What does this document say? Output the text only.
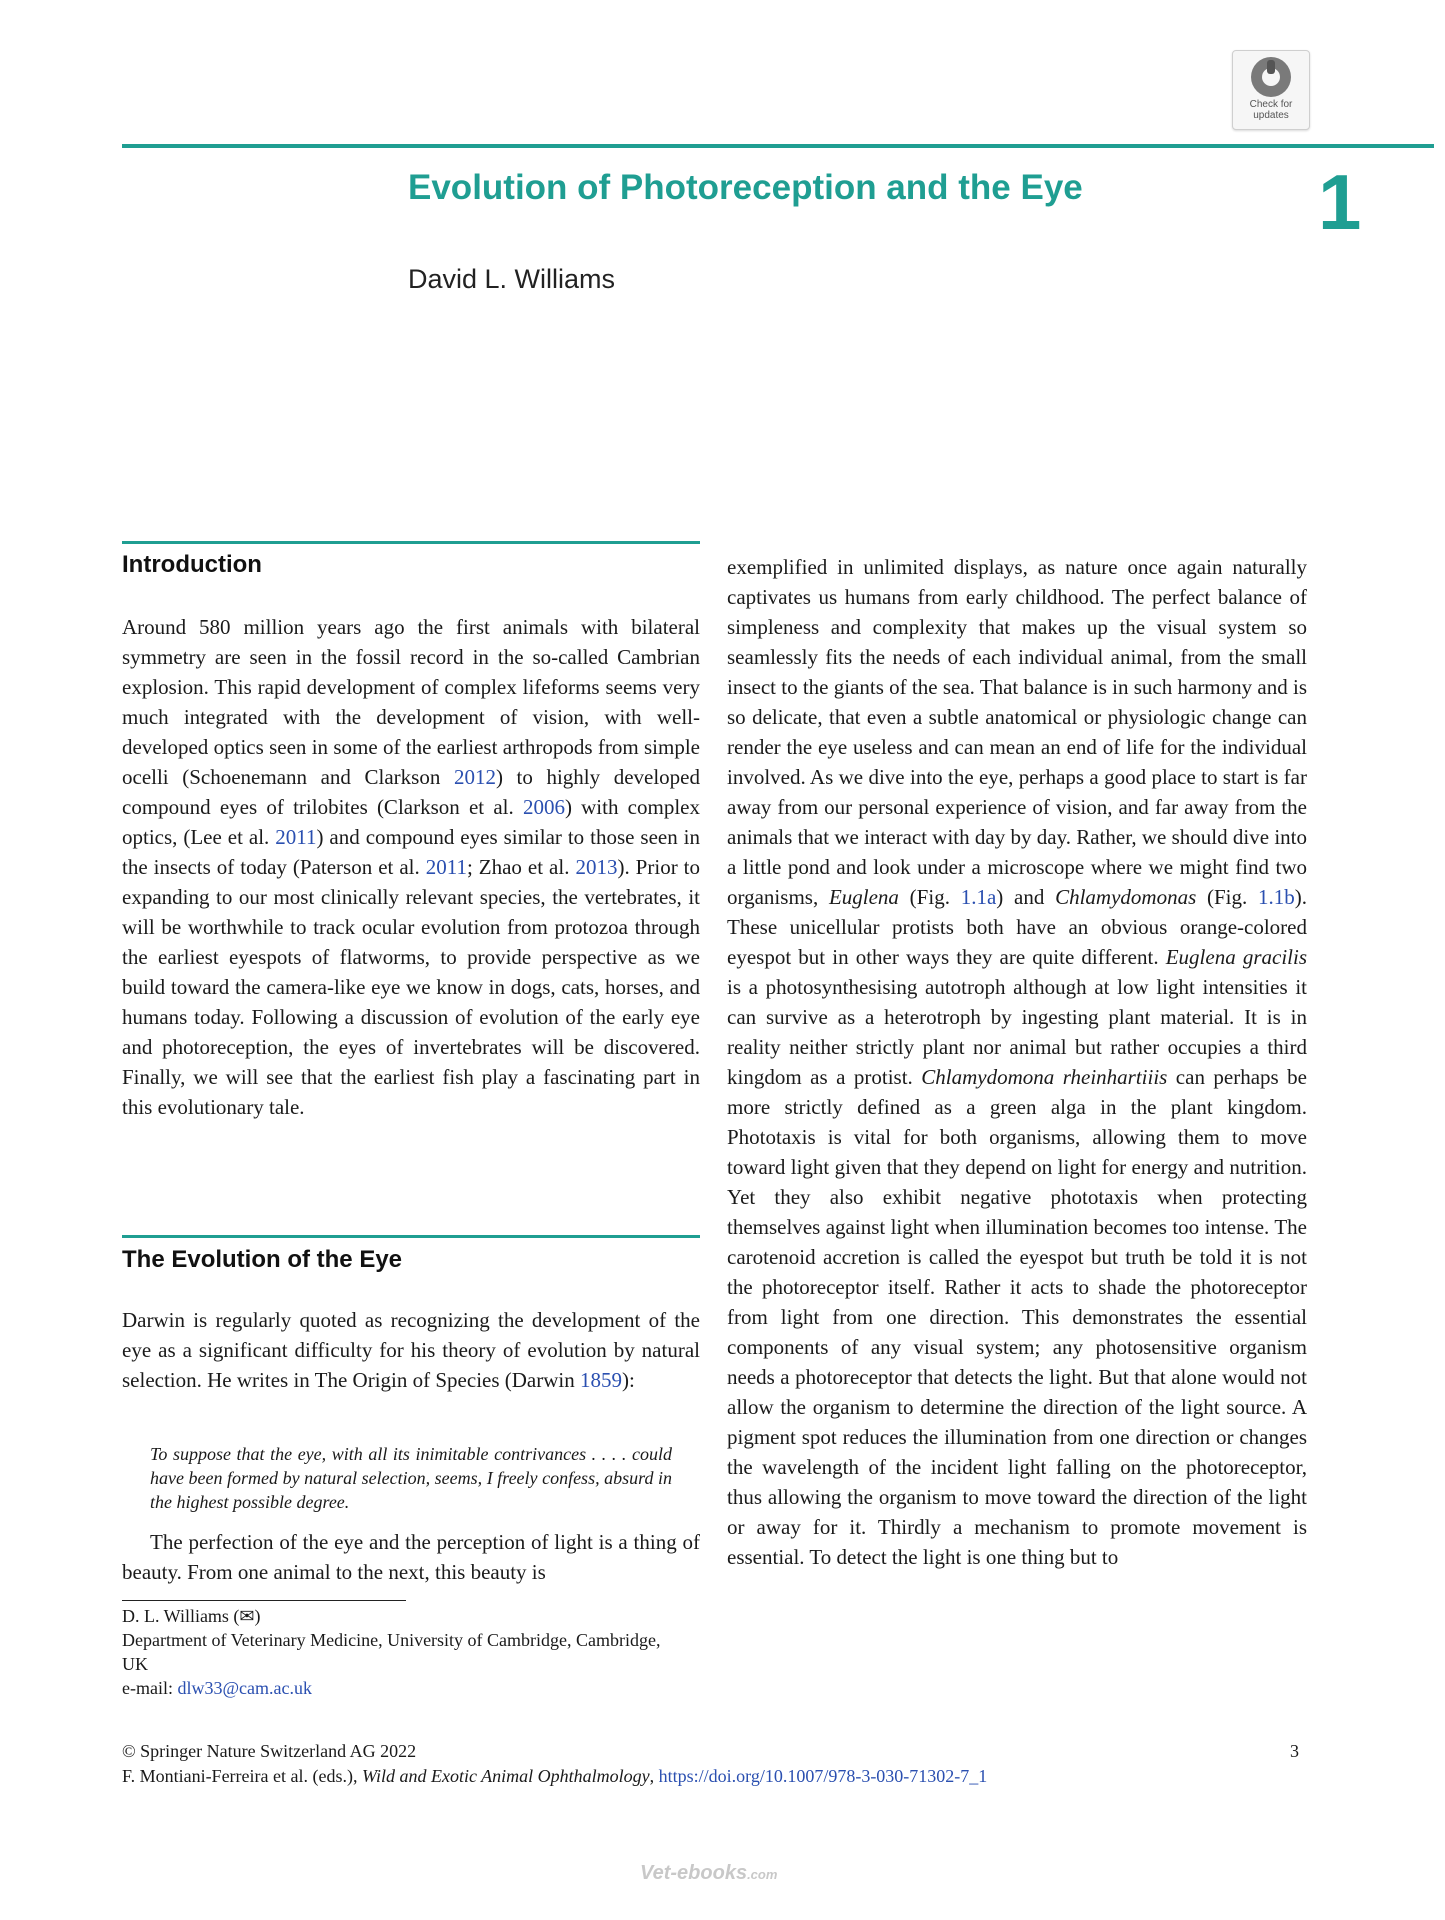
Check for updates
Evolution of Photoreception and the Eye	1
David L. Williams
Introduction
Around 580 million years ago the first animals with bilateral symmetry are seen in the fossil record in the so-called Cambrian explosion. This rapid development of complex lifeforms seems very much integrated with the development of vision, with well-developed optics seen in some of the earliest arthropods from simple ocelli (Schoenemann and Clarkson 2012) to highly developed compound eyes of trilobites (Clarkson et al. 2006) with complex optics, (Lee et al. 2011) and compound eyes similar to those seen in the insects of today (Paterson et al. 2011; Zhao et al. 2013). Prior to expanding to our most clinically relevant species, the vertebrates, it will be worthwhile to track ocular evolution from protozoa through the earliest eyespots of flatworms, to provide perspective as we build toward the camera-like eye we know in dogs, cats, horses, and humans today. Following a discussion of evolution of the early eye and photoreception, the eyes of invertebrates will be discovered. Finally, we will see that the earliest fish play a fascinating part in this evolutionary tale.
The Evolution of the Eye
Darwin is regularly quoted as recognizing the development of the eye as a significant difficulty for his theory of evolution by natural selection. He writes in The Origin of Species (Darwin 1859):
To suppose that the eye, with all its inimitable contrivances . . . . could have been formed by natural selection, seems, I freely confess, absurd in the highest possible degree.
The perfection of the eye and the perception of light is a thing of beauty. From one animal to the next, this beauty is
D. L. Williams (✉)
Department of Veterinary Medicine, University of Cambridge, Cambridge, UK
e-mail: dlw33@cam.ac.uk
exemplified in unlimited displays, as nature once again naturally captivates us humans from early childhood. The perfect balance of simpleness and complexity that makes up the visual system so seamlessly fits the needs of each individual animal, from the small insect to the giants of the sea. That balance is in such harmony and is so delicate, that even a subtle anatomical or physiologic change can render the eye useless and can mean an end of life for the individual involved. As we dive into the eye, perhaps a good place to start is far away from our personal experience of vision, and far away from the animals that we interact with day by day. Rather, we should dive into a little pond and look under a microscope where we might find two organisms, Euglena (Fig. 1.1a) and Chlamydomonas (Fig. 1.1b). These unicellular protists both have an obvious orange-colored eyespot but in other ways they are quite different. Euglena gracilis is a photosynthesising autotroph although at low light intensities it can survive as a heterotroph by ingesting plant material. It is in reality neither strictly plant nor animal but rather occupies a third kingdom as a protist. Chlamydomona rheinhartiiis can perhaps be more strictly defined as a green alga in the plant kingdom. Phototaxis is vital for both organisms, allowing them to move toward light given that they depend on light for energy and nutrition. Yet they also exhibit negative phototaxis when protecting themselves against light when illumination becomes too intense. The carotenoid accretion is called the eyespot but truth be told it is not the photoreceptor itself. Rather it acts to shade the photoreceptor from light from one direction. This demonstrates the essential components of any visual system; any photosensitive organism needs a photoreceptor that detects the light. But that alone would not allow the organism to determine the direction of the light source. A pigment spot reduces the illumination from one direction or changes the wavelength of the incident light falling on the photoreceptor, thus allowing the organism to move toward the direction of the light or away for it. Thirdly a mechanism to promote movement is essential. To detect the light is one thing but to
© Springer Nature Switzerland AG 2022	3
F. Montiani-Ferreira et al. (eds.), Wild and Exotic Animal Ophthalmology, https://doi.org/10.1007/978-3-030-71302-7_1
Vet-ebooks.com
